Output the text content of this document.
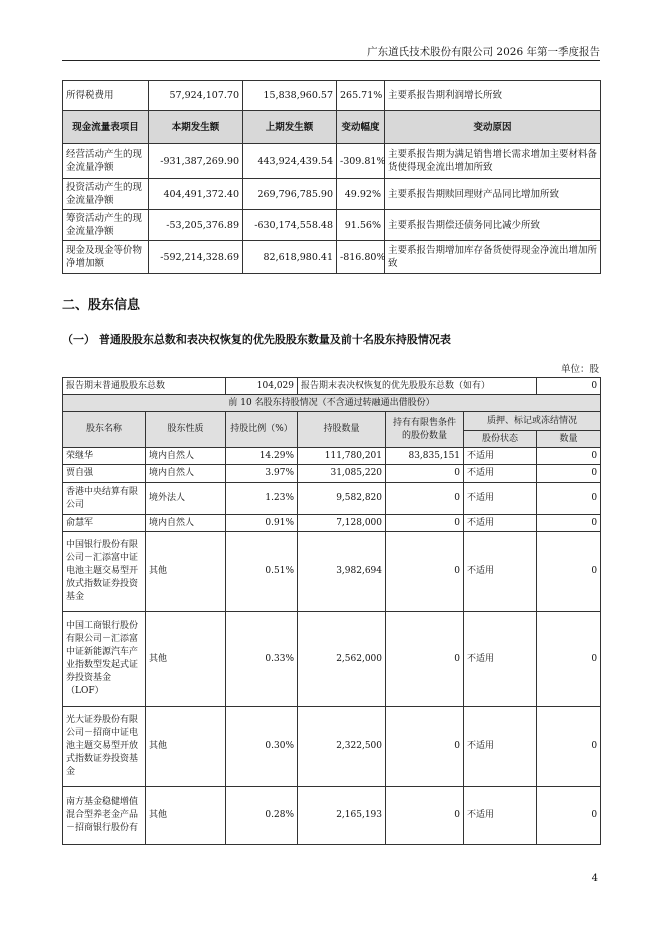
广东道氏技术股份有限公司 2026 年第一季度报告
所得税费用	57,924,107.70	15,838,960.57	265.71%	主要系报告期利润增长所致
现金流量表项目	本期发生额	上期发生额	变动幅度	变动原因
经营活动产生的现金流量净额	-931,387,269.90	443,924,439.54	-309.81%	主要系报告期为满足销售增长需求增加主要材料备货使得现金流出增加所致
投资活动产生的现金流量净额	404,491,372.40	269,796,785.90	49.92%	主要系报告期赎回理财产品同比增加所致
筹资活动产生的现金流量净额	-53,205,376.89	-630,174,558.48	91.56%	主要系报告期偿还债务同比减少所致
现金及现金等价物净增加额	-592,214,328.69	82,618,980.41	-816.80%	主要系报告期增加库存备货使得现金净流出增加所致
二、股东信息
（一） 普通股股东总数和表决权恢复的优先股股东数量及前十名股东持股情况表
单位：股
报告期末普通股股东总数		104,029	报告期末表决权恢复的优先股股东总数（如有）			0
前 10 名股东持股情况（不含通过转融通出借股份）						
股东名称	股东性质	持股比例（%）	持股数量	持有有限售条件的股份数量	质押、标记或冻结情况	
					股份状态	数量
荣继华	境内自然人	14.29%	111,780,201	83,835,151	不适用	0
贾自强	境内自然人	3.97%	31,085,220	0	不适用	0
香港中央结算有限公司	境外法人	1.23%	9,582,820	0	不适用	0
俞慧军	境内自然人	0.91%	7,128,000	0	不适用	0
中国银行股份有限公司－汇添富中证电池主题交易型开放式指数证券投资基金	其他	0.51%	3,982,694	0	不适用	0
中国工商银行股份有限公司－汇添富中证新能源汽车产业指数型发起式证券投资基金（LOF）	其他	0.33%	2,562,000	0	不适用	0
光大证券股份有限公司－招商中证电池主题交易型开放式指数证券投资基金	其他	0.30%	2,322,500	0	不适用	0
南方基金稳健增值混合型养老金产品－招商银行股份有	其他	0.28%	2,165,193	0	不适用	0
4
